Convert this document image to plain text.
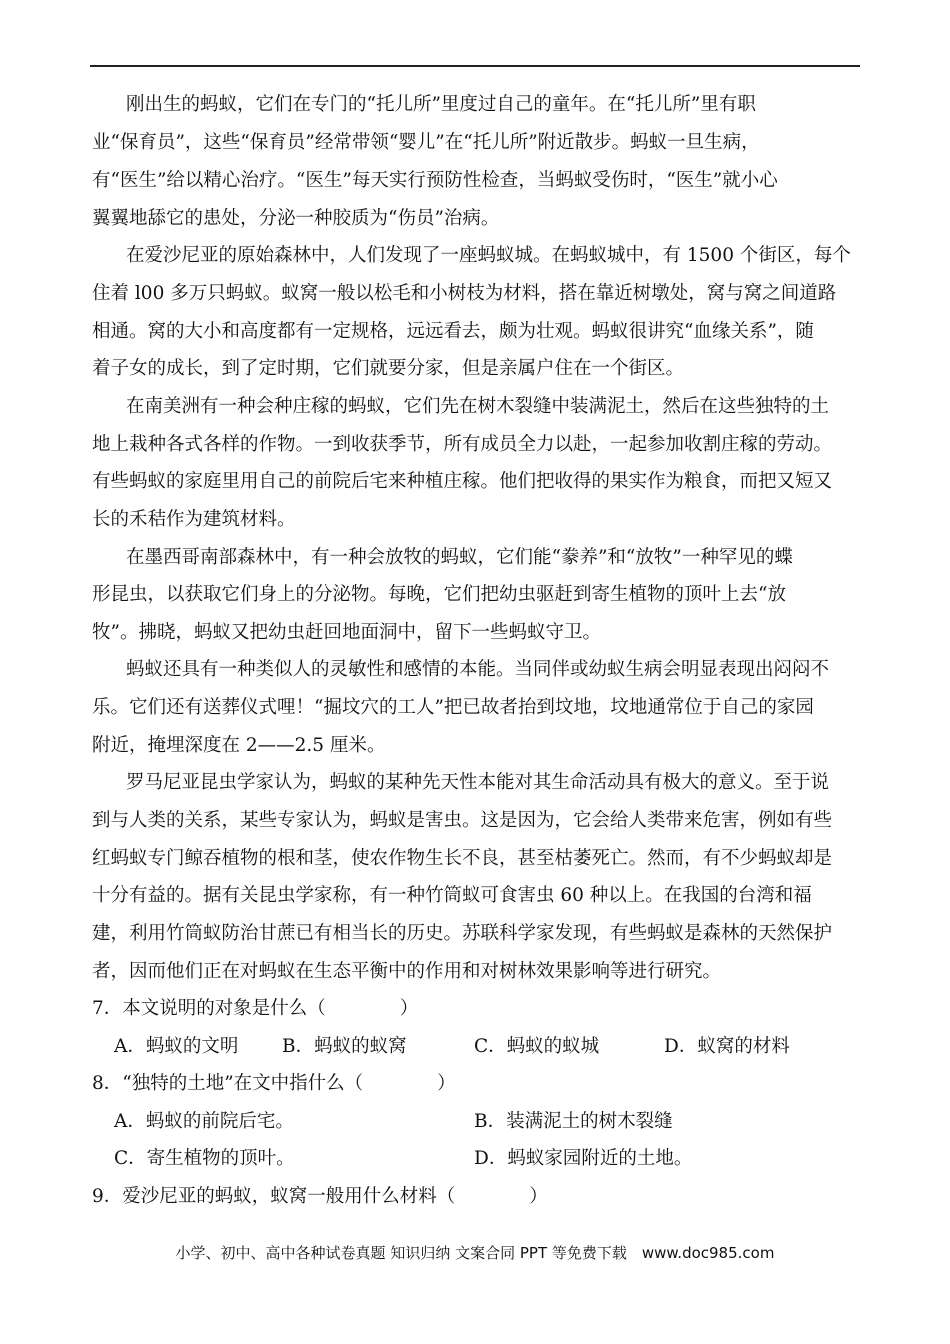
刚出生的蚂蚁，它们在专门的“托儿所”里度过自己的童年。在“托儿所”里有职
业“保育员”，这些“保育员”经常带领“婴儿”在“托儿所”附近散步。蚂蚁一旦生病，
有“医生”给以精心治疗。“医生”每天实行预防性检查，当蚂蚁受伤时，“医生”就小心
翼翼地舔它的患处，分泌一种胶质为“伤员”治病。
在爱沙尼亚的原始森林中，人们发现了一座蚂蚁城。在蚂蚁城中，有 1500 个街区，每个
住着 l00 多万只蚂蚁。蚁窝一般以松毛和小树枝为材料，搭在靠近树墩处，窝与窝之间道路
相通。窝的大小和高度都有一定规格，远远看去，颇为壮观。蚂蚁很讲究“血缘关系”，随
着子女的成长，到了定时期，它们就要分家，但是亲属户住在一个街区。
在南美洲有一种会种庄稼的蚂蚁，它们先在树木裂缝中装满泥土，然后在这些独特的土
地上栽种各式各样的作物。一到收获季节，所有成员全力以赴，一起参加收割庄稼的劳动。
有些蚂蚁的家庭里用自己的前院后宅来种植庄稼。他们把收得的果实作为粮食，而把又短又
长的禾秸作为建筑材料。
在墨西哥南部森林中，有一种会放牧的蚂蚁，它们能“豢养”和“放牧”一种罕见的蝶
形昆虫，以获取它们身上的分泌物。每晚，它们把幼虫驱赶到寄生植物的顶叶上去“放
牧”。拂晓，蚂蚁又把幼虫赶回地面洞中，留下一些蚂蚁守卫。
蚂蚁还具有一种类似人的灵敏性和感情的本能。当同伴或幼蚁生病会明显表现出闷闷不
乐。它们还有送葬仪式哩！“掘坟穴的工人”把已故者抬到坟地，坟地通常位于自己的家园
附近，掩埋深度在 2——2.5 厘米。
罗马尼亚昆虫学家认为，蚂蚁的某种先天性本能对其生命活动具有极大的意义。至于说
到与人类的关系，某些专家认为，蚂蚁是害虫。这是因为，它会给人类带来危害，例如有些
红蚂蚁专门鲸吞植物的根和茎，使农作物生长不良，甚至枯萎死亡。然而，有不少蚂蚁却是
十分有益的。据有关昆虫学家称，有一种竹筒蚁可食害虫 60 种以上。在我国的台湾和福
建，利用竹筒蚁防治甘蔗已有相当长的历史。苏联科学家发现，有些蚂蚁是森林的天然保护
者，因而他们正在对蚂蚁在生态平衡中的作用和对树林效果影响等进行研究。
7．本文说明的对象是什么（　　　　）
A．蚂蚁的文明 B．蚂蚁的蚁窝	C．蚂蚁的蚁城	D．蚁窝的材料
8．“独特的土地”在文中指什么（　　　　）
A．蚂蚁的前院后宅。	B．装满泥土的树木裂缝
C．寄生植物的顶叶。	D．蚂蚁家园附近的土地。
9．爱沙尼亚的蚂蚁，蚁窝一般用什么材料（　　　　）
小学、初中、高中各种试卷真题 知识归纳 文案合同 PPT 等免费下载　www.doc985.com
